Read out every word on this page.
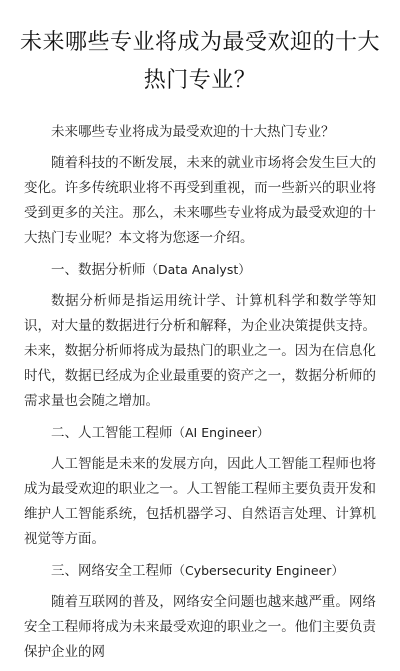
未来哪些专业将成为最受欢迎的十大热门专业？

未来哪些专业将成为最受欢迎的十大热门专业？

随着科技的不断发展，未来的就业市场将会发生巨大的变化。许多传统职业将不再受到重视，而一些新兴的职业将受到更多的关注。那么，未来哪些专业将成为最受欢迎的十大热门专业呢？本文将为您逐一介绍。

一、数据分析师（Data Analyst）

数据分析师是指运用统计学、计算机科学和数学等知识，对大量的数据进行分析和解释，为企业决策提供支持。未来，数据分析师将成为最热门的职业之一。因为在信息化时代，数据已经成为企业最重要的资产之一，数据分析师的需求量也会随之增加。

二、人工智能工程师（AI Engineer）

人工智能是未来的发展方向，因此人工智能工程师也将成为最受欢迎的职业之一。人工智能工程师主要负责开发和维护人工智能系统，包括机器学习、自然语言处理、计算机视觉等方面。

三、网络安全工程师（Cybersecurity Engineer）

随着互联网的普及，网络安全问题也越来越严重。网络安全工程师将成为未来最受欢迎的职业之一。他们主要负责保护企业的网
